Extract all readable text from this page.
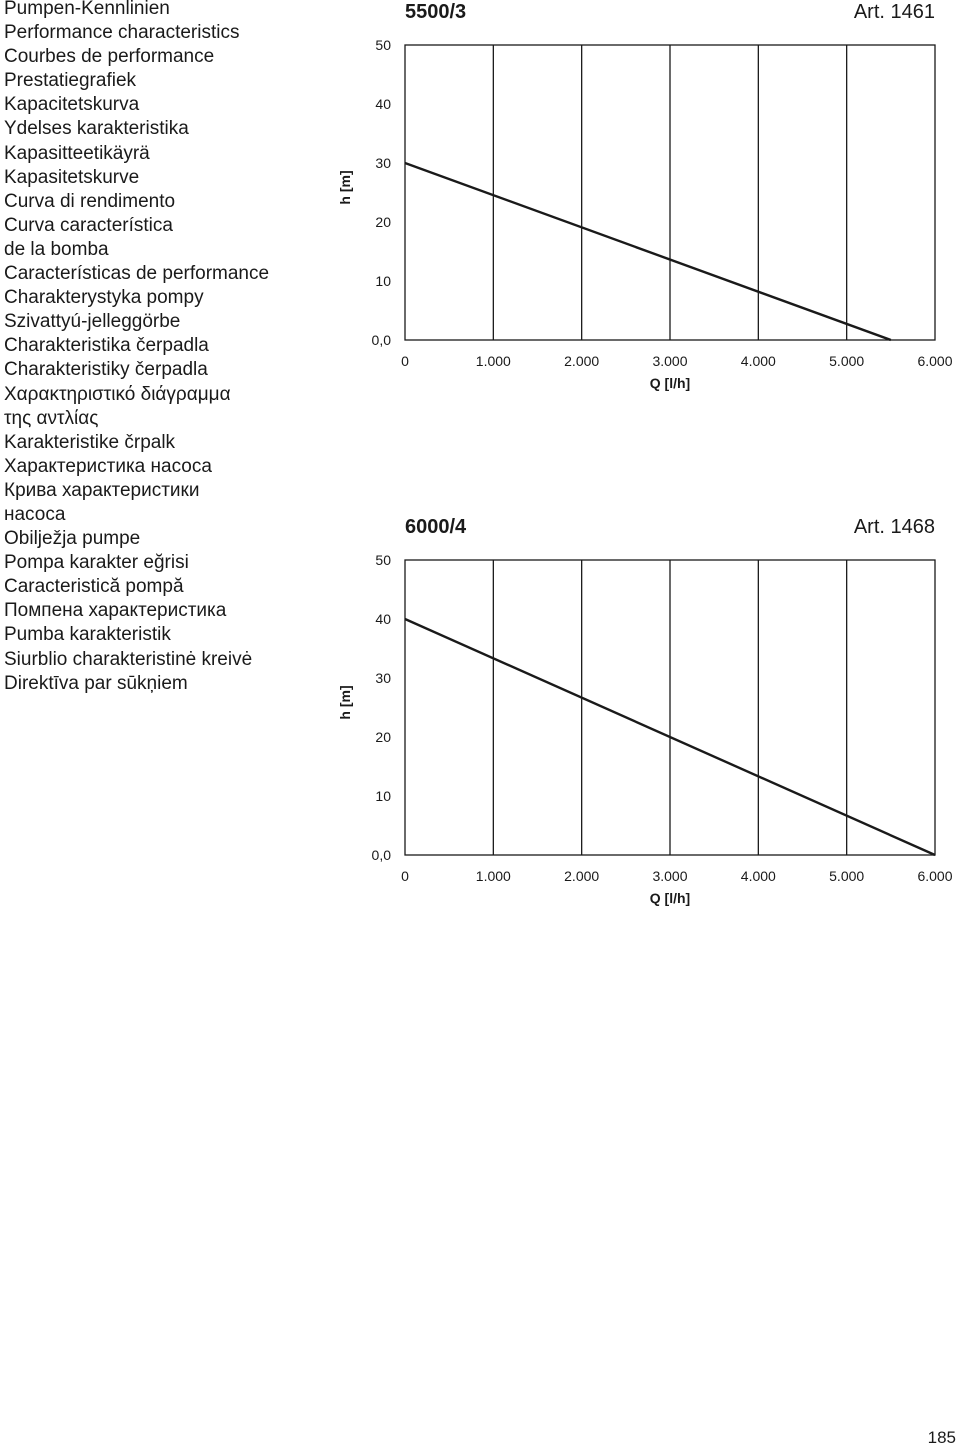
Pumpen-Kennlinien
Performance characteristics
Courbes de performance
Prestatiegrafiek
Kapacitetskurva
Ydelses karakteristika
Kapasitteetikäyrä
Kapasitetskurve
Curva di rendimento
Curva característica
de la bomba
Características de performance
Charakterystyka pompy
Szivattyú-jelleggörbe
Charakteristika čerpadla
Charakteristiky čerpadla
Χαρακτηριστικό διάγραμμα
της αντλίας
Karakteristike črpalk
Характеристика насоса
Крива характеристики
насоса
Obilježja pumpe
Pompa karakter eğrisi
Caracteristică pompă
Помпена характеристика
Pumba karakteristik
Siurblio charakteristinė kreivė
Direktīva par sūkņiem
5500/3	Art. 1461
0	1.000	2.000	3.000	4.000	5.000	6.000
0,0
10
20
30
40
50
Q [l/h]
h [m]
6000/4	Art. 1468
0	1.000	2.000	3.000	4.000	5.000	6.000
0,0
10
20
30
40
50
Q [l/h]
h [m]
185
